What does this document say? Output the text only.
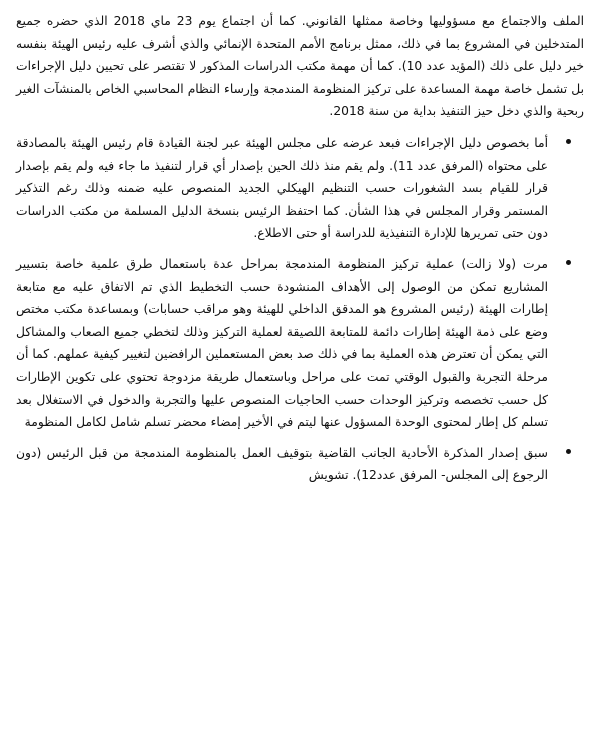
الملف والاجتماع مع مسؤوليها وخاصة ممثلها القانوني. كما أن اجتماع يوم 23 ماي 2018 الذي حضره جميع المتدخلين في المشروع بما في ذلك، ممثل برنامج الأمم المتحدة الإنمائي والذي أشرف عليه رئيس الهيئة بنفسه خير دليل على ذلك (المؤيد عدد 10). كما أن مهمة مكتب الدراسات المذكور لا تقتصر على تحيين دليل الإجراءات بل تشمل خاصة مهمة المساعدة على تركيز المنظومة المندمجة وإرساء النظام المحاسبي الخاص بالمنشآت الغير ربحية والذي دخل حيز التنفيذ بداية من سنة 2018.

أما بخصوص دليل الإجراءات فبعد عرضه على مجلس الهيئة عبر لجنة القيادة قام رئيس الهيئة بالمصادقة على محتواه (المرفق عدد 11). ولم يقم منذ ذلك الحين بإصدار أي قرار لتنفيذ ما جاء فيه ولم يقم بإصدار قرار للقيام بسد الشغورات حسب التنظيم الهيكلي الجديد المنصوص عليه ضمنه وذلك رغم التذكير المستمر وقرار المجلس في هذا الشأن. كما احتفظ الرئيس بنسخة الدليل المسلمة من مكتب الدراسات دون حتى تمريرها للإدارة التنفيذية للدراسة أو حتى الاطلاع.

مرت (ولا زالت) عملية تركيز المنظومة المندمجة بمراحل عدة باستعمال طرق علمية خاصة بتسيير المشاريع تمكن من الوصول إلى الأهداف المنشودة حسب التخطيط الذي تم الاتفاق عليه مع متابعة إطارات الهيئة (رئيس المشروع هو المدقق الداخلي للهيئة وهو مراقب حسابات) وبمساعدة مكتب مختص وضع على ذمة الهيئة إطارات دائمة للمتابعة اللصيقة لعملية التركيز وذلك لتخطي جميع الصعاب والمشاكل التي يمكن أن تعترض هذه العملية بما في ذلك صد بعض المستعملين الرافضين لتغيير كيفية عملهم. كما أن مرحلة التجربة والقبول الوقتي تمت على مراحل وباستعمال طريقة مزدوجة تحتوي على تكوين الإطارات كل حسب تخصصه وتركيز الوحدات حسب الحاجيات المنصوص عليها والتجربة والدخول في الاستغلال بعد تسلم كل إطار لمحتوى الوحدة المسؤول عنها ليتم في الأخير إمضاء محضر تسلم شامل لكامل المنظومة

سبق إصدار المذكرة الأحادية الجانب القاضية بتوقيف العمل بالمنظومة المندمجة من قبل الرئيس (دون الرجوع إلى المجلس- المرفق عدد12). تشويش
